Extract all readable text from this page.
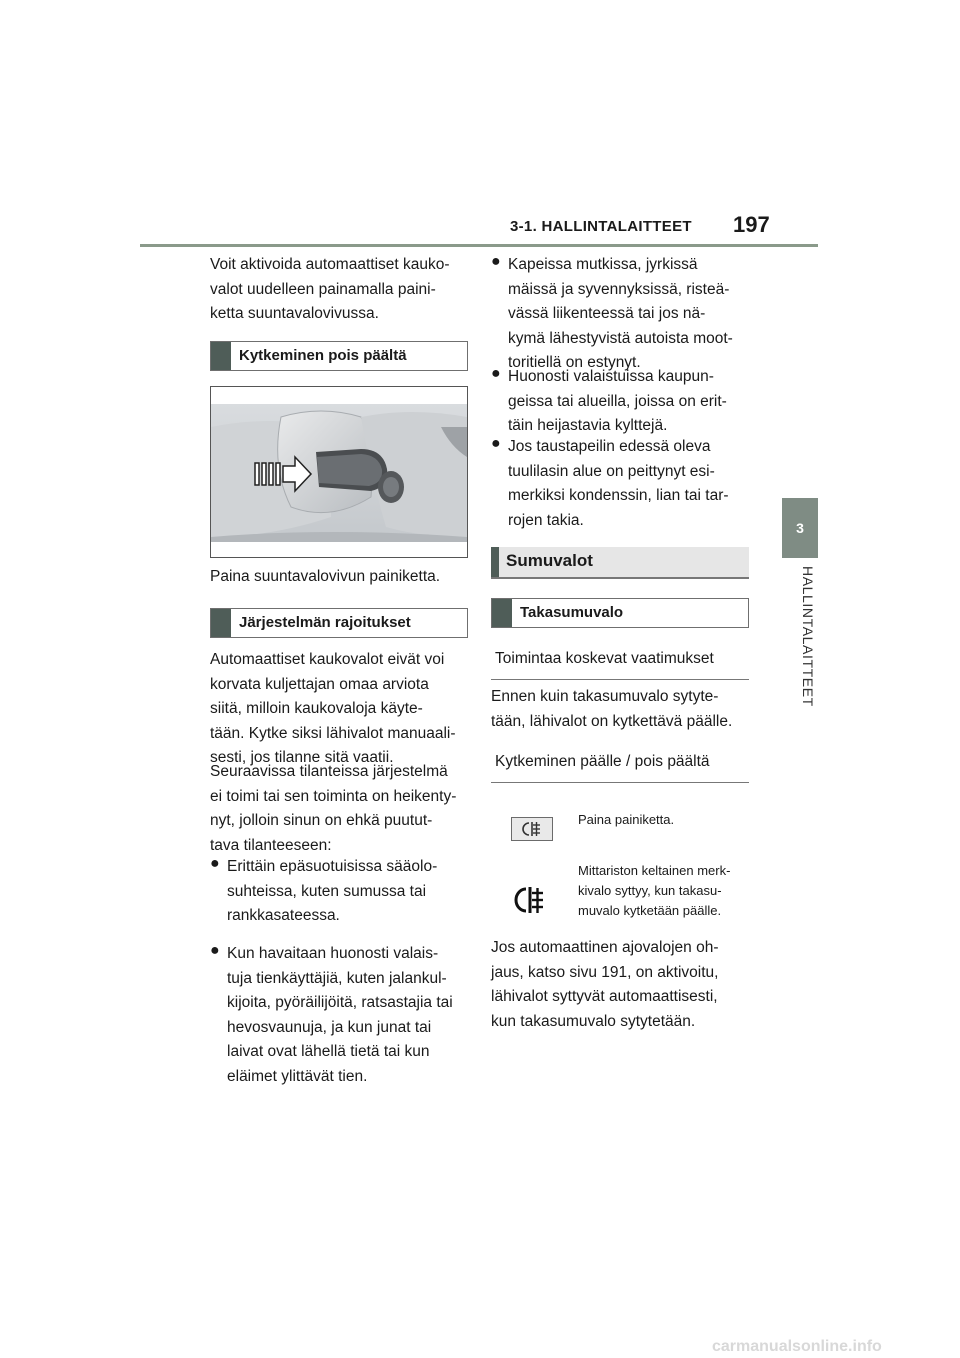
3-1. HALLINTALAITTEET 197
3
HALLINTALAITTEET
Voit aktivoida automaattiset kauko-
valot uudelleen painamalla paini-
ketta suuntavalovivussa.
Kytkeminen pois päältä
Paina suuntavalovivun painiketta.
Järjestelmän rajoitukset
Automaattiset kaukovalot eivät voi
korvata kuljettajan omaa arviota
siitä, milloin kaukovaloja käyte-
tään. Kytke siksi lähivalot manuaali-
sesti, jos tilanne sitä vaatii.
Seuraavissa tilanteissa järjestelmä
ei toimi tai sen toiminta on heikenty-
nyt, jolloin sinun on ehkä puutut-
tava tilanteeseen:
● Erittäin epäsuotuisissa sääolo-
suhteissa, kuten sumussa tai
rankkasateessa.
● Kun havaitaan huonosti valais-
tuja tienkäyttäjiä, kuten jalankul-
kijoita, pyöräilijöitä, ratsastajia tai
hevosvaunuja, ja kun junat tai
laivat ovat lähellä tietä tai kun
eläimet ylittävät tien.
● Kapeissa mutkissa, jyrkissä
mäissä ja syvennyksissä, risteä-
vässä liikenteessä tai jos nä-
kymä lähestyvistä autoista moot-
toritiellä on estynyt.
● Huonosti valaistuissa kaupun-
geissa tai alueilla, joissa on erit-
täin heijastavia kylttejä.
● Jos taustapeilin edessä oleva
tuulilasin alue on peittynyt esi-
merkiksi kondenssin, lian tai tar-
rojen takia.
Sumuvalot
Takasumuvalo
Toimintaa koskevat vaatimukset
Ennen kuin takasumuvalo sytyte-
tään, lähivalot on kytkettävä päälle.
Kytkeminen päälle / pois päältä
Paina painiketta.
Mittariston keltainen merk-
kivalo syttyy, kun takasu-
muvalo kytketään päälle.
Jos automaattinen ajovalojen oh-
jaus, katso sivu 191, on aktivoitu,
lähivalot syttyvät automaattisesti,
kun takasumuvalo sytytetään.
carmanualsonline.info
